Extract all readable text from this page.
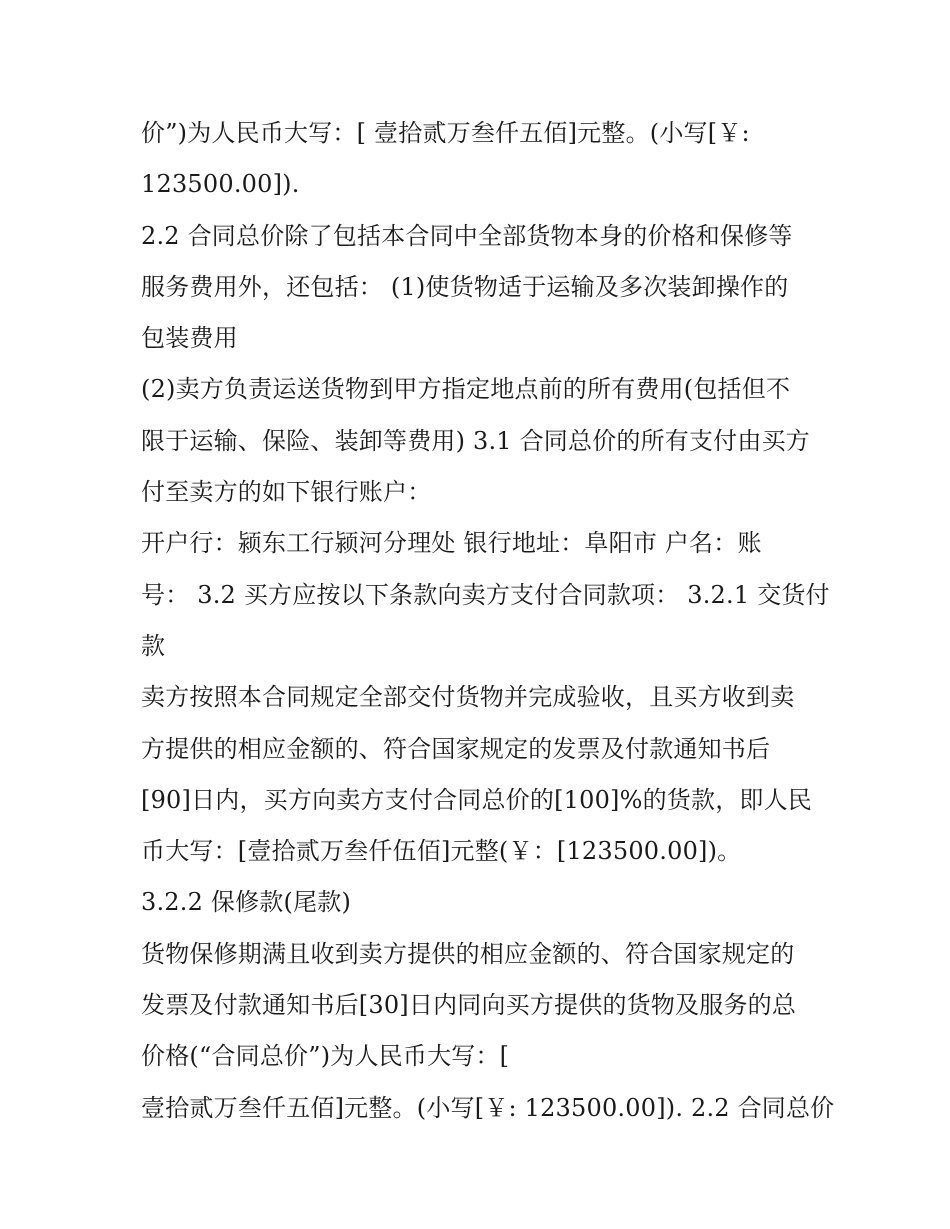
价”)为人民币大写：[ 壹拾贰万叁仟五佰]元整。(小写[￥:
123500.00]).
2.2 合同总价除了包括本合同中全部货物本身的价格和保修等
服务费用外，还包括： (1)使货物适于运输及多次装卸操作的
包装费用
(2)卖方负责运送货物到甲方指定地点前的所有费用(包括但不
限于运输、保险、装卸等费用) 3.1 合同总价的所有支付由买方
付至卖方的如下银行账户：
开户行：颍东工行颍河分理处 银行地址：阜阳市 户名：账
号： 3.2 买方应按以下条款向卖方支付合同款项： 3.2.1 交货付
款
卖方按照本合同规定全部交付货物并完成验收，且买方收到卖
方提供的相应金额的、符合国家规定的发票及付款通知书后
[90]日内，买方向卖方支付合同总价的[100]%的货款，即人民
币大写：[壹拾贰万叁仟伍佰]元整(￥：[123500.00])。
3.2.2 保修款(尾款)
货物保修期满且收到卖方提供的相应金额的、符合国家规定的
发票及付款通知书后[30]日内同向买方提供的货物及服务的总
价格(“合同总价”)为人民币大写：[
壹拾贰万叁仟五佰]元整。(小写[￥: 123500.00]). 2.2 合同总价
